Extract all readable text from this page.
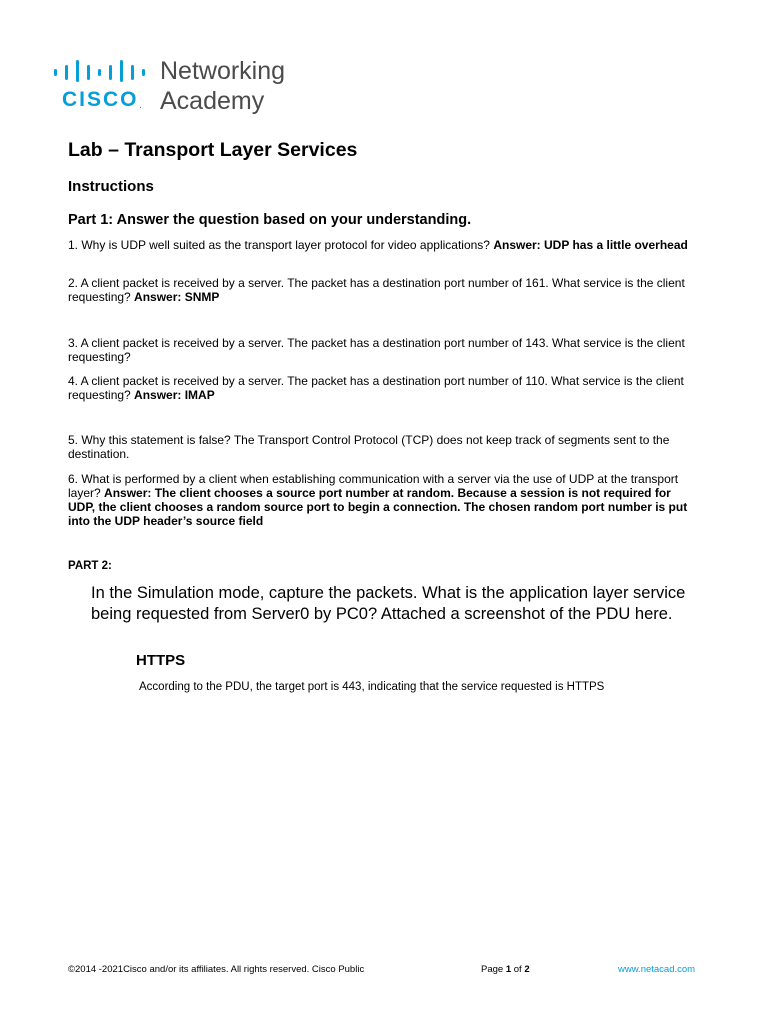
CISCO.
Networking
Academy
Lab – Transport Layer Services
Instructions
Part 1: Answer the question based on your understanding.

1. Why is UDP well suited as the transport layer protocol for video applications? Answer: UDP has a little overhead

2. A client packet is received by a server. The packet has a destination port number of 161. What service is the client requesting? Answer: SNMP

3. A client packet is received by a server. The packet has a destination port number of 143. What service is the client requesting?

4. A client packet is received by a server. The packet has a destination port number of 110. What service is the client requesting? Answer: IMAP

5. Why this statement is false? The Transport Control Protocol (TCP) does not keep track of segments sent to the destination.

6. What is performed by a client when establishing communication with a server via the use of UDP at the transport layer? Answer: The client chooses a source port number at random. Because a session is not required for UDP, the client chooses a random source port to begin a connection. The chosen random port number is put into the UDP header’s source field

PART 2:

In the Simulation mode, capture the packets. What is the application layer service being requested from Server0 by PC0? Attached a screenshot of the PDU here.

HTTPS

According to the PDU, the target port is 443, indicating that the service requested is HTTPS

©2014 -2021Cisco and/or its affiliates. All rights reserved. Cisco Public	Page 1 of 2	www.netacad.com
